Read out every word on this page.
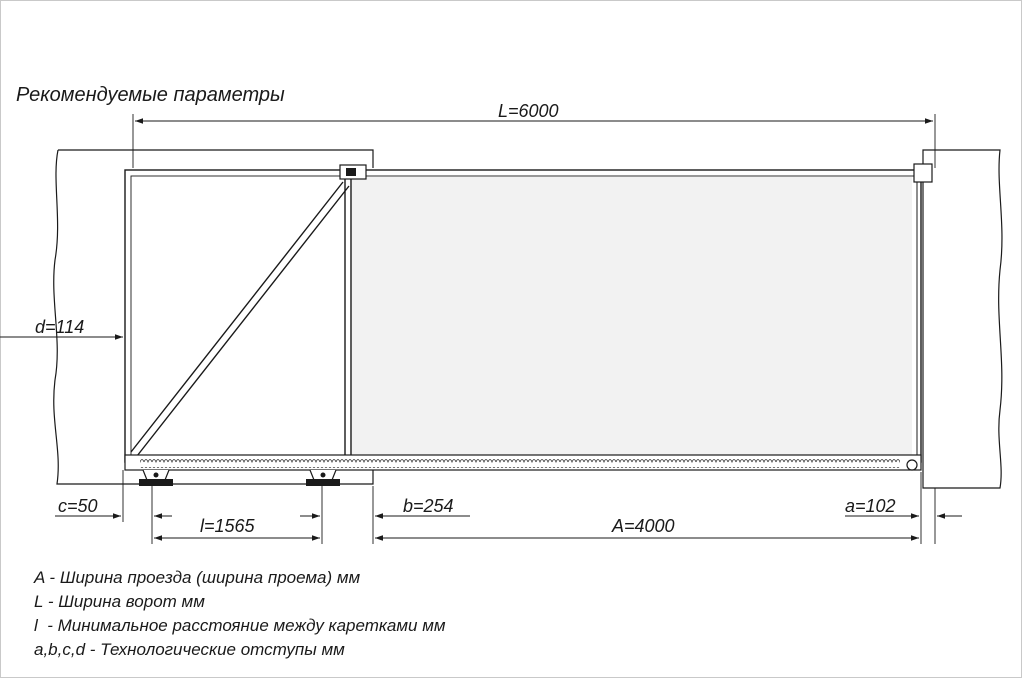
Рекомендуемые параметры
L=6000
d=114
c=50
l=1565
b=254
A=4000
a=102
A - Ширина проезда (ширина проема) мм
L - Ширина ворот мм
l  - Минимальное расстояние между каретками мм
a,b,c,d - Технологические отступы мм
